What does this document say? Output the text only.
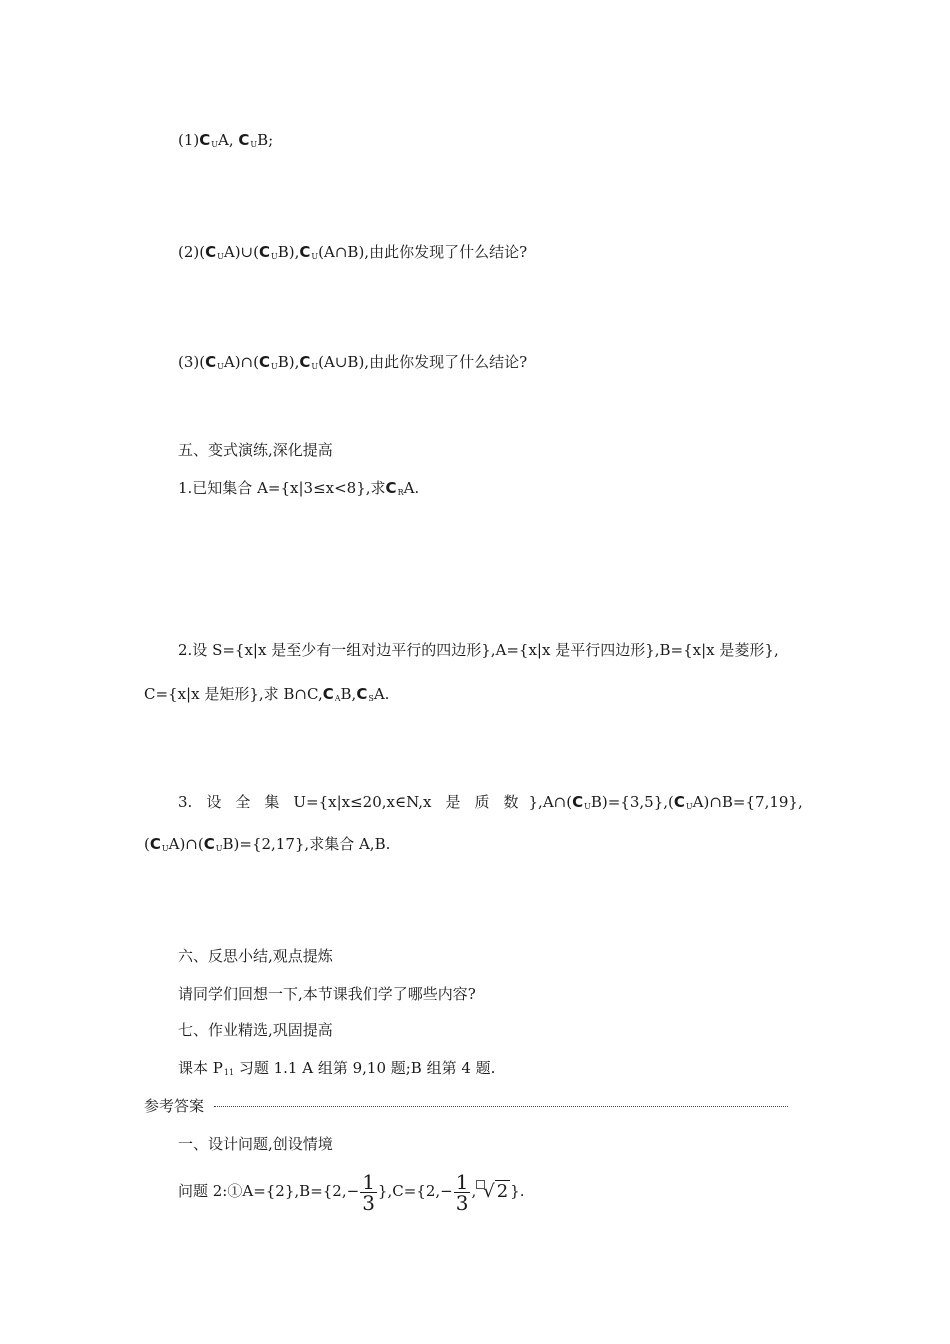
$(1)C_UA$, $C_UB$;
$(2)(C_UA)\cup(C_UB),C_U(A\cap B)$,由此你发现了什么结论?
$(3)(C_UA)\cap(C_UB),C_U(A\cup B)$,由此你发现了什么结论?
五、变式演练,深化提高
1.已知集合 A={x|3≤x<8},求$C_RA$.
2.设 S={x|x 是至少有一组对边平行的四边形},A={x|x 是平行四边形},B={x|x 是菱形},
C={x|x 是矩形},求 $B\cap C,C_AB,C_SA$.
3. 设 全 集 U={x|x≤20,x∈N,x 是 质 数 }$,A\cap(C_UB)=\{3,5\},(C_UA)\cap B=\{7,19\}$,
$(C_UA)\cap(C_UB)=\{2,17\}$,求集合 A,B.
六、反思小结,观点提炼
请同学们回想一下,本节课我们学了哪些内容?
七、作业精选,巩固提高
课本 $P_{11}$ 习题 1.1 A 组第 9,10 题;B 组第 4 题.
参考答案
一、设计问题,创设情境
问题 2:①A={2},B={2,− $\frac{1}{3} \},C=\{2,- \frac{1}{3}$ , √ 2 }.
